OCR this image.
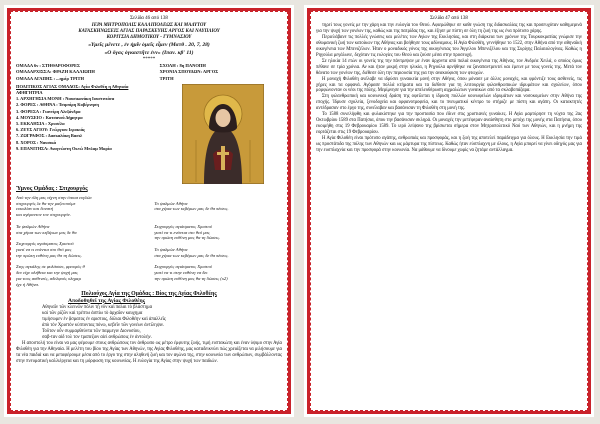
Σελίδα 46 από 138
ΙΕΡΑ ΜΗΤΡΟΠΟΛΙΣ ΚΑΛΛΙΠΟΛΕΩΣ ΚΑΙ ΜΑΔΥΤΟΥ
ΚΑΤΑΣΚΗΝΩΣΕΙΣ ΑΓΙΑΣ ΠΑΡΑΣΚΕΥΗΣ ΑΡΓΟΣ ΚΑΙ ΝΑΥΠΛΙΟΥ
ΚΟΡΙΤΣΙΑ ΔΗΜΟΤΙΚΟΥ - ΓΥΜΝΑΣΙΟΥ
«Υμεῖς μένετε , ἐν ἡμῖν ὁμεῖς εἶμεν (Ματθ . 20, 7, 28)
«Ο ὄγας ὁγκαστῆτε ἐνν» (Ιπαν. κβ' 11)
*****
ΟΜΑΔΑ 6ν : ΣΤΗΘΑΡΟΦΟΡΕΣ	ΣΧΟΛΗ : 8η ΠΑΝΟΠΗ
ΟΜΑΔΑΡΧΙΣΣΑ: ΦΡΑΖΗ ΚΑΛΛΙΩΠΗ	ΧΡΟΝΙΑ ΣΠΟΥΔΩΝ: ΑΡΓΟΣ
ΟΜΑΔΑ ΑΓΑΠΗΣ : ...ημέρ ΤΡΙΤΗ	ΤΡΙΤΗ
ΠΟΛΙΤΙΚΟΣ ΑΓΙΑΣ ΟΜΑΔΟΣ: Αγία Φιλοθέη η Αθηναία
ΑΦΗΓΗΤΡΙΑ
1. ΑΡΧΗΓΗΣΙΑ ΜΟΝΗ : Ναυσικανάκη Ιουστινιάνα
2. ΦΟΡΕΣ : ΑΘΗΝΑ : Τσιμπίρη Κυβέρνηση
3. ΦΟΡΕΣΑ : Γιαννίρη Αλεξάνδρα
4. ΜΟΥΣΕΙΟ : Κατσανού Δήμητρα
5. ΕΚΚΛΗΣΙΑ : Χρυσέλα
6. ΖΕΥΣ ΑΓΙΟΥ: Γεώργιου Ιεροκιάς
7. ΖΩΓΡΑΦΟΣ : Δασκαλάκη Βασιλ
8. ΧΟΡΟΣ : Ναυσικά
9. ΕΠΑΝΙΤΗΣΑ: Αναγνώστη Οκτώ Μπλαμ Μαρία
Ύμνος Ομάδας : Στιχουργός
Από την όλη μας τέχνη στην όποια ευγλώτ
στιχουργός λε θα την μαζευτούμε
ευκολίαν και δυνατή
και αγέραντον τον στιχουργόν.

Τα ψαλμών Αθήνα
στα χέρια των κεβέρων μας δε θα

Στιχουργός αγιάσματος Χριστού
γιατί να τι ενάντια στο θεό μας
την πρώτη ευθύνη μας θα τη δώσεις.

Στης αγκάλης σε φυλάσσει, φρουρός θ
δεν είχε αλήθεια και την ψυχή μας
για τους ασθενείς, αδελφούς ολημερ
έχε ή Αθήνα.

Το ψαλμών Αθήνα
στα χέρια των κεβέρων μας δε θα πέσεις.

Στιχουργός αγιάσματος Χριστού
γιατί να τι ενάντια στο θεό μας
την πρώτη ευθύνη μας θα τη δώσεις.

Το ψαλμών Αθήνα
στα χέρια των κεβέρων μας δε θα πέσεις.

Στιχουργός αγιάσματος Χριστού
γιατί να τι στην ευθύνη να δει
την πρώτη ευθύνη μας θα τη δώσεις (x2)
Πολιούχος Αγία της Ομάδας : Βίος της Αγίας Φιλοθέης
Αποδοθηθεί της Αγίας Φιλοθέης
Αθηναΐν τῶν κλεινῶν πόλιν τῇ νῦν καὶ παλαι τὸ βλάστημα
καὶ τῶν ρίζῶν καὶ τρέπτω ἀσπίω τὸ ἀρχαῖον καυχημα
τιμήσωμεν ἐν ᾄσματος ἐν αριστοις, δόλιαι Φιλοθέην καὶ ἀπαλλεῖς
ἀπὸ τὸν Χριστὸν κύπτοντας πόνω, κεβεῖν τῶν γονέων ἀντίληψιν.
Τοῦτον οὖν συμμαρθεύντα τῶν παμμεγιν Διονυσίου,
σαβ-ταν αἰδ τολ τον τραπεζιον αἰεί ανθρώποις ἐν ἀντολήν.
Η αποστολή του είναι να μας φέρουμε στους ανθρώπους τον άνθρωπο ως μέτρο έμφυτης ζωής, τιμή ευπτακώτη και έναν ύψιμο στην Αγία Φιλοθέη για την Αθηναία. Η μελέτη του βίου της Αγίας των Αθηνών, της Αγίας Φιλοθέης, μας καταδεικνύει πώς χρειάζεται να μιλήσουμε για τα νέα παιδιά και να μεταφέρουμε μέσα από το έργο της στην αληθινή ζωή και τον αγώνα της, στην κοινωνία των ανθρώπων, συμβάλλοντας στην πνευματική καλλιέργεια και τη μόρφωση της κοινωνίας. Η ευλογία της Αγίας στην ψυχή των παιδιών.
Σελίδα 47 από 138
τηρεί τους γονείς με την χάρη και την ευλογία του Θεού. Αφιερώθηκε σε καθε γνώση της διδασκαλίας της και προσευχόταν καθημερινά για την ψυχή των γονέων της, καθώς και της πατρίδας της, και έζησε με πίστη σε όλη τη ζωή της ως ένα πρότυπο χάρης.
Περιελάβανε τις πολλές γνώσεις και μελέτες των Αγίων της Εκκλησίας, και στη διάρκεια των χρόνων της Τουρκοκρατίας γνώρισε την οθωμανική ζωή των κατοίκων της Αθήνας και βοήθησε τους αδύναμους. Η Αγία Φιλοθέη, γεννήθηκε το 1522, στην Αθήνα από την αθηναϊκή οικογένεια των Μπενιζέλων. Ήταν ο μοναδικός γόνος της οικογένειας του Άγγελου Μπενιζέλου και της Συρίγης Παλαιολογίνας. Καθώς η Ρηγούλα μεγάλωνε, δεχόταν τις ευλογίες του Θεού και ζούσε μέσα στην προσευχή.
Σε ηλικία 14 ετών οι γονείς της την πάντρεψαν με έναν άρχοντα από παλιά οικογένεια της Αθήνας, τον Ανδρέα Χειλά, ο οποίος όμως πέθανε σε τρία χρόνια. Αν και ήταν μικρή στην ηλικία, η Ρηγούλα αρνήθηκε να ξαναπαντρευτεί και έμεινε με τους γονείς της. Μετά τον θάνατο των γονέων της, διέθεσε όλη την περιουσία της για την ανακούφιση των φτωχών.
Η μοναχή Φιλοθέη ανέλαβε να ιδρύσει γυναικεία μονή στην Αθήνα, όπου μόνασε με άλλες μοναχές, και φρόντιζε τους ασθενείς, τις χήρες και τα ορφανά. Αγόρασε πολλά κτήματα και τα διέθεσε για τη λειτουργία φιλανθρωπικών ιδρυμάτων και σχολείων, όπου μορφώνονταν οι νέοι της πόλης. Μερίμνησε για την απελευθέρωση αιχμαλώτων γυναικών από τα σκλαβοπάζαρα.
Στη φιλανθρωπική και κοινωνική δράση της οφείλεται η ίδρυση πολλών κοινωφελών ιδρυμάτων και νοσοκομείων στην Αθήνα της εποχής. Ίδρυσε σχολεία, ξενοδοχεία και ορφανοτροφεία, και το πνευματικό κέντρο το στήριζε με πίστη και αγάπη. Οι κατακτητές αντέδρασαν στο έργο της, συνέλαβαν και βασάνισαν τη Φιλοθέη στη μονή της.
Το 1588 συνελήφθη και φυλακίστηκε για την προστασία που έδινε στις χριστιανές γυναίκες. Η Αγία μαρτύρησε τη νύχτα της 2ας Οκτωβρίου 1589 στα Πατήσια, όπου την βασάνισαν σκληρά. Οι μοναχές την μετέφεραν αναίσθητη στο μετόχι της μονής στα Πατήσια, όπου εκοιμήθη στις 19 Φεβρουαρίου 1589. Το ιερό λείψανο της βρίσκεται σήμερα στον Μητροπολιτικό Ναό των Αθηνών, και η μνήμη της εορτάζεται στις 19 Φεβρουαρίου.
Η Αγία Φιλοθέη είναι πρότυπο αγάπης, ανθρωπιάς και προσφοράς, και η ζωή της αποτελεί παράδειγμα για όλους. Η Εκκλησία την τιμά ως προστάτιδα της πόλης των Αθηνών και ως μάρτυρα της πίστεως. Καθώς ήταν εύσπλαχνη με όλους, η Αγία μπορεί να γίνει οδηγός μας για την ευσπλαχνία και την προσφορά στην κοινωνία. Να μάθουμε να δίνουμε χωρίς να ζητάμε αντάλλαγμα.
